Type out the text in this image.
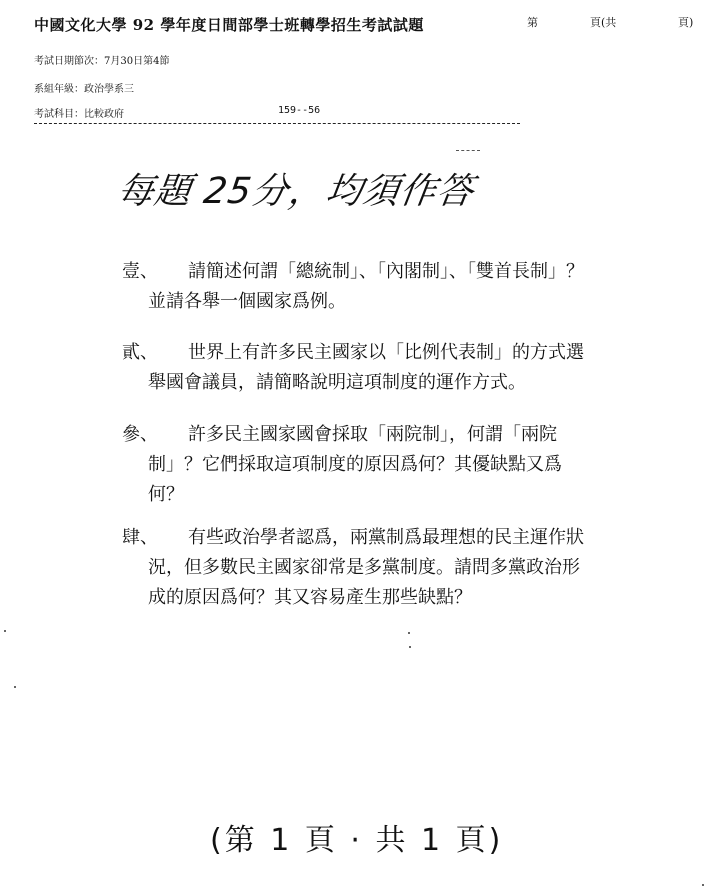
中國文化大學 92 學年度日間部學士班轉學招生考試試題	第	頁(共	頁)
考試日期節次：7月30日第4節
系組年級：政治學系三
考試科目：比較政府	159--56
每題 25分，均須作答
壹、	請簡述何謂「總統制」、「內閣制」、「雙首長制」？並請各舉一個國家爲例。
貳、	世界上有許多民主國家以「比例代表制」的方式選舉國會議員，請簡略說明這項制度的運作方式。
參、	許多民主國家國會採取「兩院制」，何謂「兩院制」？它們採取這項制度的原因爲何？其優缺點又爲何？
肆、	有些政治學者認爲，兩黨制爲最理想的民主運作狀況，但多數民主國家卻常是多黨制度。請問多黨政治形成的原因爲何？其又容易產生那些缺點？
(第 1 頁 · 共 1 頁)
